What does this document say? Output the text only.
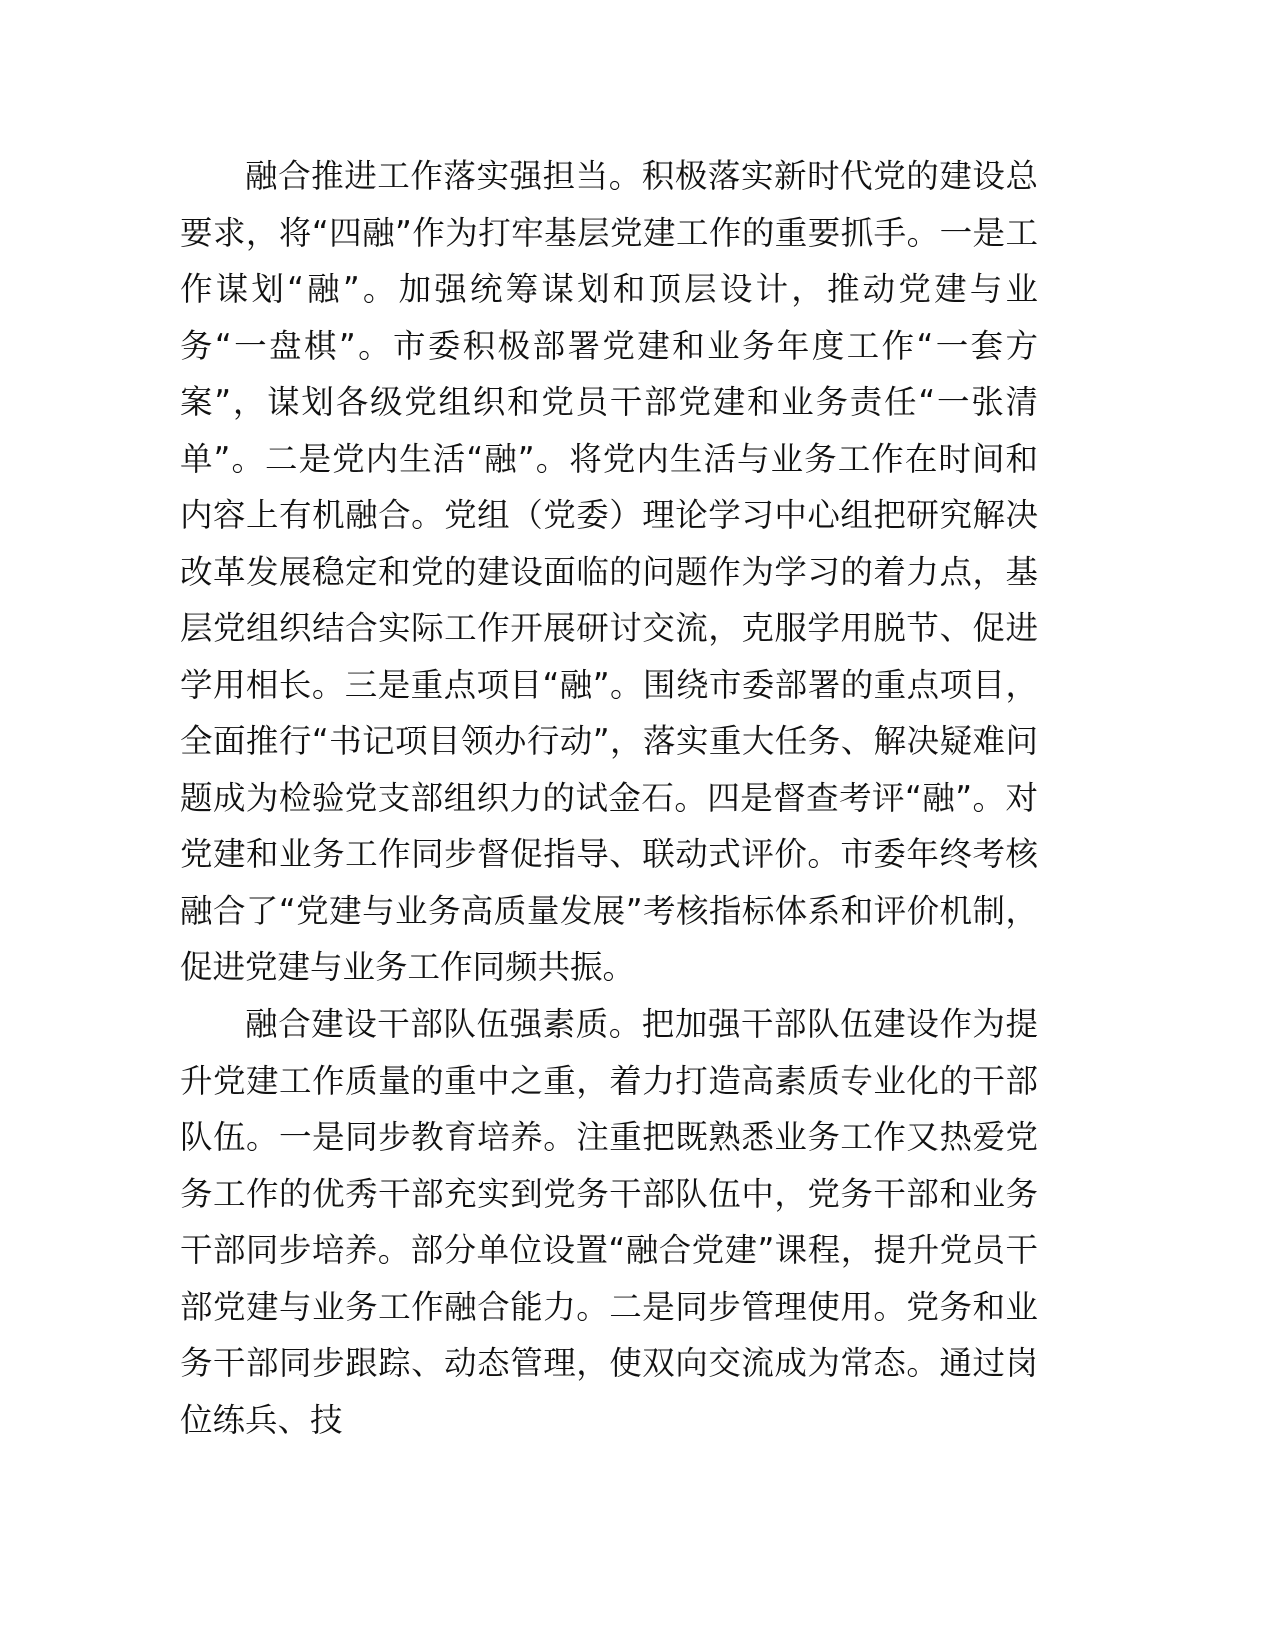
融合推进工作落实强担当。积极落实新时代党的建设总要求，将“四融”作为打牢基层党建工作的重要抓手。一是工作谋划“融”。加强统筹谋划和顶层设计，推动党建与业务“一盘棋”。市委积极部署党建和业务年度工作“一套方案”，谋划各级党组织和党员干部党建和业务责任“一张清单”。二是党内生活“融”。将党内生活与业务工作在时间和内容上有机融合。党组（党委）理论学习中心组把研究解决改革发展稳定和党的建设面临的问题作为学习的着力点，基层党组织结合实际工作开展研讨交流，克服学用脱节、促进学用相长。三是重点项目“融”。围绕市委部署的重点项目，全面推行“书记项目领办行动”，落实重大任务、解决疑难问题成为检验党支部组织力的试金石。四是督查考评“融”。对党建和业务工作同步督促指导、联动式评价。市委年终考核融合了“党建与业务高质量发展”考核指标体系和评价机制，促进党建与业务工作同频共振。

融合建设干部队伍强素质。把加强干部队伍建设作为提升党建工作质量的重中之重，着力打造高素质专业化的干部队伍。一是同步教育培养。注重把既熟悉业务工作又热爱党务工作的优秀干部充实到党务干部队伍中，党务干部和业务干部同步培养。部分单位设置“融合党建”课程，提升党员干部党建与业务工作融合能力。二是同步管理使用。党务和业务干部同步跟踪、动态管理，使双向交流成为常态。通过岗位练兵、技
